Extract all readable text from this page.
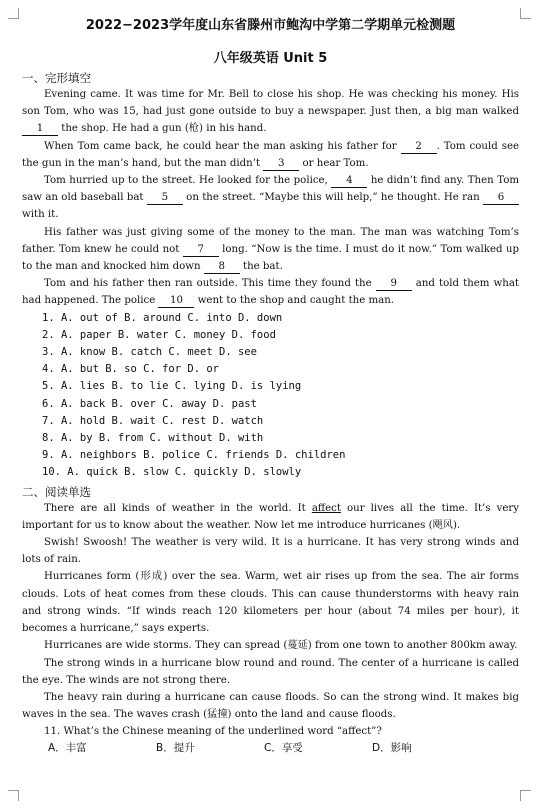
2022−2023学年度山东省滕州市鲍沟中学第二学期单元检测题
八年级英语 Unit 5
一、完形填空

Evening came. It was time for Mr. Bell to close his shop. He was checking his money. His son Tom, who was 15, had just gone outside to buy a newspaper. Just then, a big man walked 1 the shop. He had a gun (枪) in his hand.

When Tom came back, he could hear the man asking his father for 2 . Tom could see the gun in the man’s hand, but the man didn’t 3 or hear Tom.

Tom hurried up to the street. He looked for the police, 4 he didn’t find any. Then Tom saw an old baseball bat 5 on the street. “Maybe this will help,” he thought. He ran 6 with it.

His father was just giving some of the money to the man. The man was watching Tom’s father. Tom knew he could not 7 long. “Now is the time. I must do it now.” Tom walked up to the man and knocked him down 8 the bat.

Tom and his father then ran outside. This time they found the 9 and told them what had happened. The police 10 went to the shop and caught the man.

1. A. out of B. around C. into D. down
2. A. paper B. water C. money D. food
3. A. know B. catch C. meet D. see
4. A. but B. so C. for D. or
5. A. lies B. to lie C. lying D. is lying
6. A. back B. over C. away D. past
7. A. hold B. wait C. rest D. watch
8. A. by B. from C. without D. with
9. A. neighbors B. police C. friends D. children
10. A. quick B. slow C. quickly D. slowly
二、阅读单选

There are all kinds of weather in the world. It affect our lives all the time. It’s very important for us to know about the weather. Now let me introduce hurricanes (飓风).

Swish! Swoosh! The weather is very wild. It is a hurricane. It has very strong winds and lots of rain.

Hurricanes form (形成) over the sea. Warm, wet air rises up from the sea. The air forms clouds. Lots of heat comes from these clouds. This can cause thunderstorms with heavy rain and strong winds. “If winds reach 120 kilometers per hour (about 74 miles per hour), it becomes a hurricane,” says experts.

Hurricanes are wide storms. They can spread (蔓延) from one town to another 800km away.

The strong winds in a hurricane blow round and round. The center of a hurricane is called the eye. The winds are not strong there.

The heavy rain during a hurricane can cause floods. So can the strong wind. It makes big waves in the sea. The waves crash (猛撞) onto the land and cause floods.

11. What’s the Chinese meaning of the underlined word “affect”?
A．丰富	B．提升	C．享受	D．影响
